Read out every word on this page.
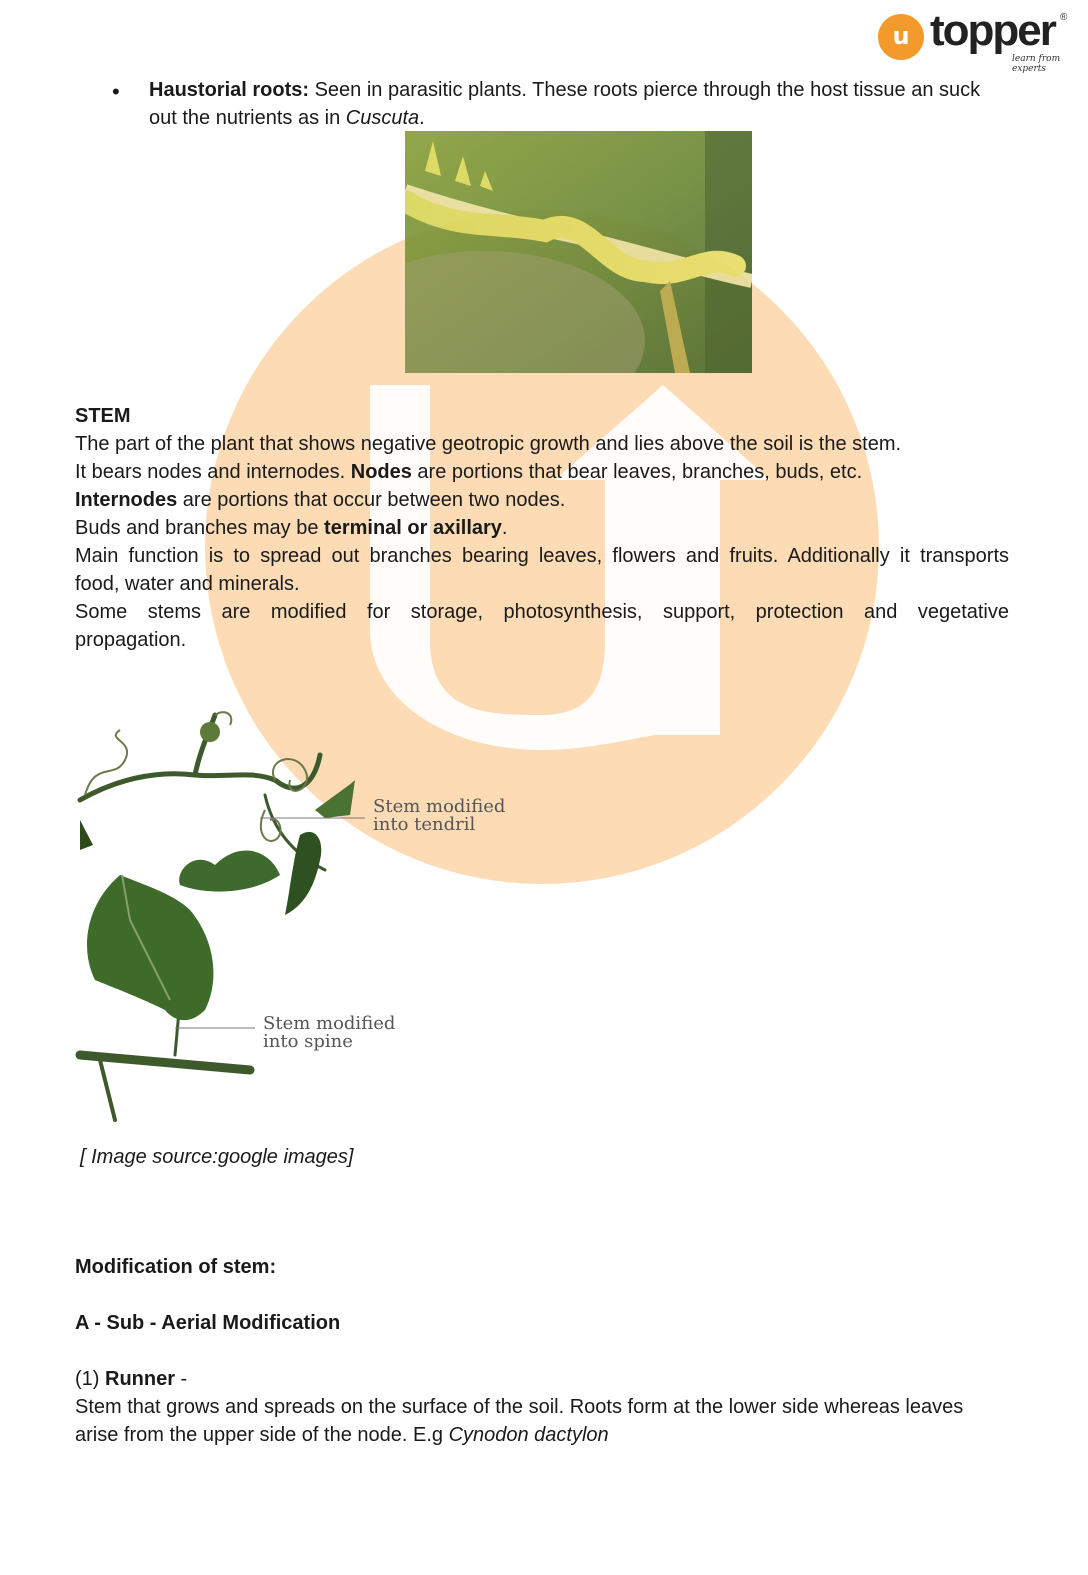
u topper
learn from experts
®
• Haustorial roots: Seen in parasitic plants. These roots pierce through the host tissue an suck
out the nutrients as in Cuscuta.
STEM
The part of the plant that shows negative geotropic growth and lies above the soil is the stem.
It bears nodes and internodes. Nodes are portions that bear leaves, branches, buds, etc.
Internodes are portions that occur between two nodes.
Buds and branches may be terminal or axillary.
Main function is to spread out branches bearing leaves, flowers and fruits. Additionally it transports
food, water and minerals.
Some stems are modified for storage, photosynthesis, support, protection and vegetative
propagation.
Stem modified
into tendril
Stem modified
into spine
[ Image source:google images]
Modification of stem:
A - Sub - Aerial Modification
(1) Runner -
Stem that grows and spreads on the surface of the soil. Roots form at the lower side whereas leaves
arise from the upper side of the node. E.g Cynodon dactylon
